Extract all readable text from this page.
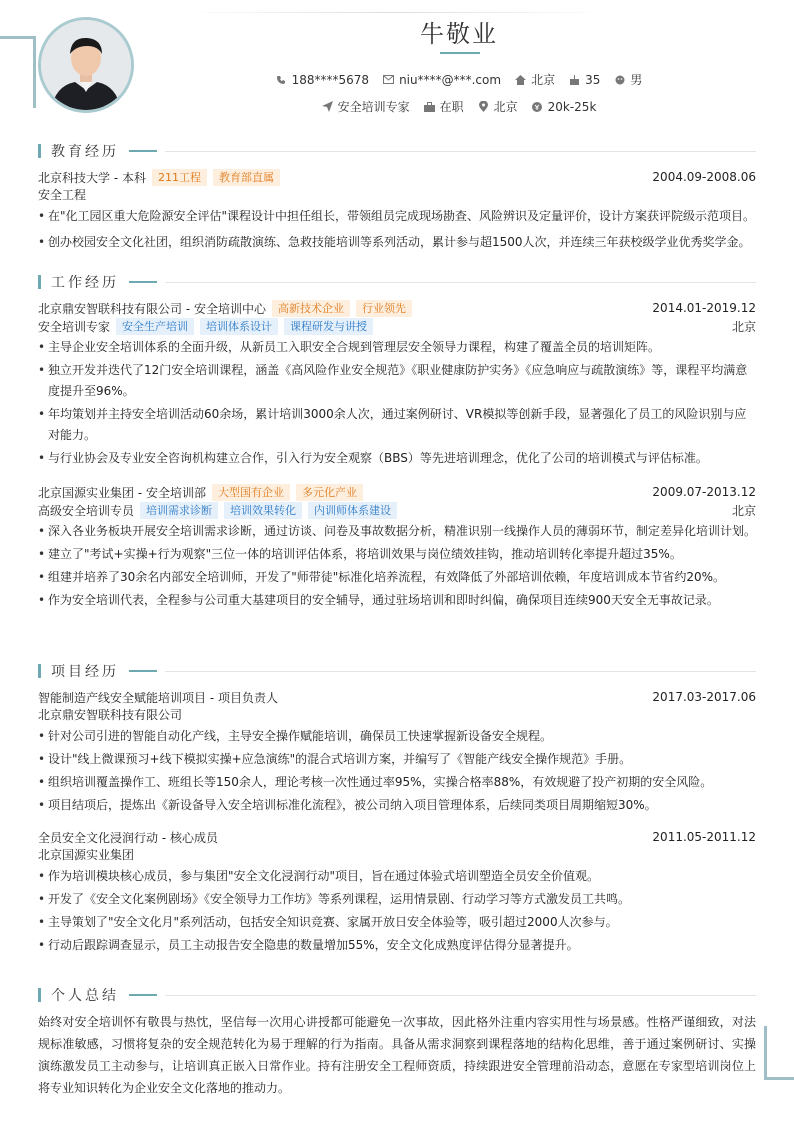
牛敬业
188****5678	niu****@***.com	北京	35	男
安全培训专家	在职	北京	20k-25k
教育经历
北京科技大学 - 本科	211工程	教育部直属	2004.09-2008.06
安全工程
• 在"化工园区重大危险源安全评估"课程设计中担任组长，带领组员完成现场勘查、风险辨识及定量评价，设计方案获评院级示范项目。
• 创办校园安全文化社团，组织消防疏散演练、急救技能培训等系列活动，累计参与超1500人次，并连续三年获校级学业优秀奖学金。
工作经历
北京鼎安智联科技有限公司 - 安全培训中心	高新技术企业	行业领先	2014.01-2019.12
安全培训专家	安全生产培训	培训体系设计	课程研发与讲授	北京
• 主导企业安全培训体系的全面升级，从新员工入职安全合规到管理层安全领导力课程，构建了覆盖全员的培训矩阵。
• 独立开发并迭代了12门安全培训课程，涵盖《高风险作业安全规范》《职业健康防护实务》《应急响应与疏散演练》等，课程平均满意度提升至96%。
• 年均策划并主持安全培训活动60余场，累计培训3000余人次，通过案例研讨、VR模拟等创新手段，显著强化了员工的风险识别与应对能力。
• 与行业协会及专业安全咨询机构建立合作，引入行为安全观察（BBS）等先进培训理念，优化了公司的培训模式与评估标准。
北京国源实业集团 - 安全培训部	大型国有企业	多元化产业	2009.07-2013.12
高级安全培训专员	培训需求诊断	培训效果转化	内训师体系建设	北京
• 深入各业务板块开展安全培训需求诊断，通过访谈、问卷及事故数据分析，精准识别一线操作人员的薄弱环节，制定差异化培训计划。
• 建立了"考试+实操+行为观察"三位一体的培训评估体系，将培训效果与岗位绩效挂钩，推动培训转化率提升超过35%。
• 组建并培养了30余名内部安全培训师，开发了"师带徒"标准化培养流程，有效降低了外部培训依赖，年度培训成本节省约20%。
• 作为安全培训代表，全程参与公司重大基建项目的安全辅导，通过驻场培训和即时纠偏，确保项目连续900天安全无事故记录。
项目经历
智能制造产线安全赋能培训项目 - 项目负责人	2017.03-2017.06
北京鼎安智联科技有限公司
• 针对公司引进的智能自动化产线，主导安全操作赋能培训，确保员工快速掌握新设备安全规程。
• 设计"线上微课预习+线下模拟实操+应急演练"的混合式培训方案，并编写了《智能产线安全操作规范》手册。
• 组织培训覆盖操作工、班组长等150余人，理论考核一次性通过率95%，实操合格率88%，有效规避了投产初期的安全风险。
• 项目结项后，提炼出《新设备导入安全培训标准化流程》，被公司纳入项目管理体系，后续同类项目周期缩短30%。
全员安全文化浸润行动 - 核心成员	2011.05-2011.12
北京国源实业集团
• 作为培训模块核心成员，参与集团"安全文化浸润行动"项目，旨在通过体验式培训塑造全员安全价值观。
• 开发了《安全文化案例剧场》《安全领导力工作坊》等系列课程，运用情景剧、行动学习等方式激发员工共鸣。
• 主导策划了"安全文化月"系列活动，包括安全知识竞赛、家属开放日安全体验等，吸引超过2000人次参与。
• 行动后跟踪调查显示，员工主动报告安全隐患的数量增加55%，安全文化成熟度评估得分显著提升。
个人总结
始终对安全培训怀有敬畏与热忱，坚信每一次用心讲授都可能避免一次事故，因此格外注重内容实用性与场景感。性格严谨细致，对法规标准敏感，习惯将复杂的安全规范转化为易于理解的行为指南。具备从需求洞察到课程落地的结构化思维，善于通过案例研讨、实操演练激发员工主动参与，让培训真正嵌入日常作业。持有注册安全工程师资质，持续跟进安全管理前沿动态，意愿在专家型培训岗位上将专业知识转化为企业安全文化落地的推动力。
